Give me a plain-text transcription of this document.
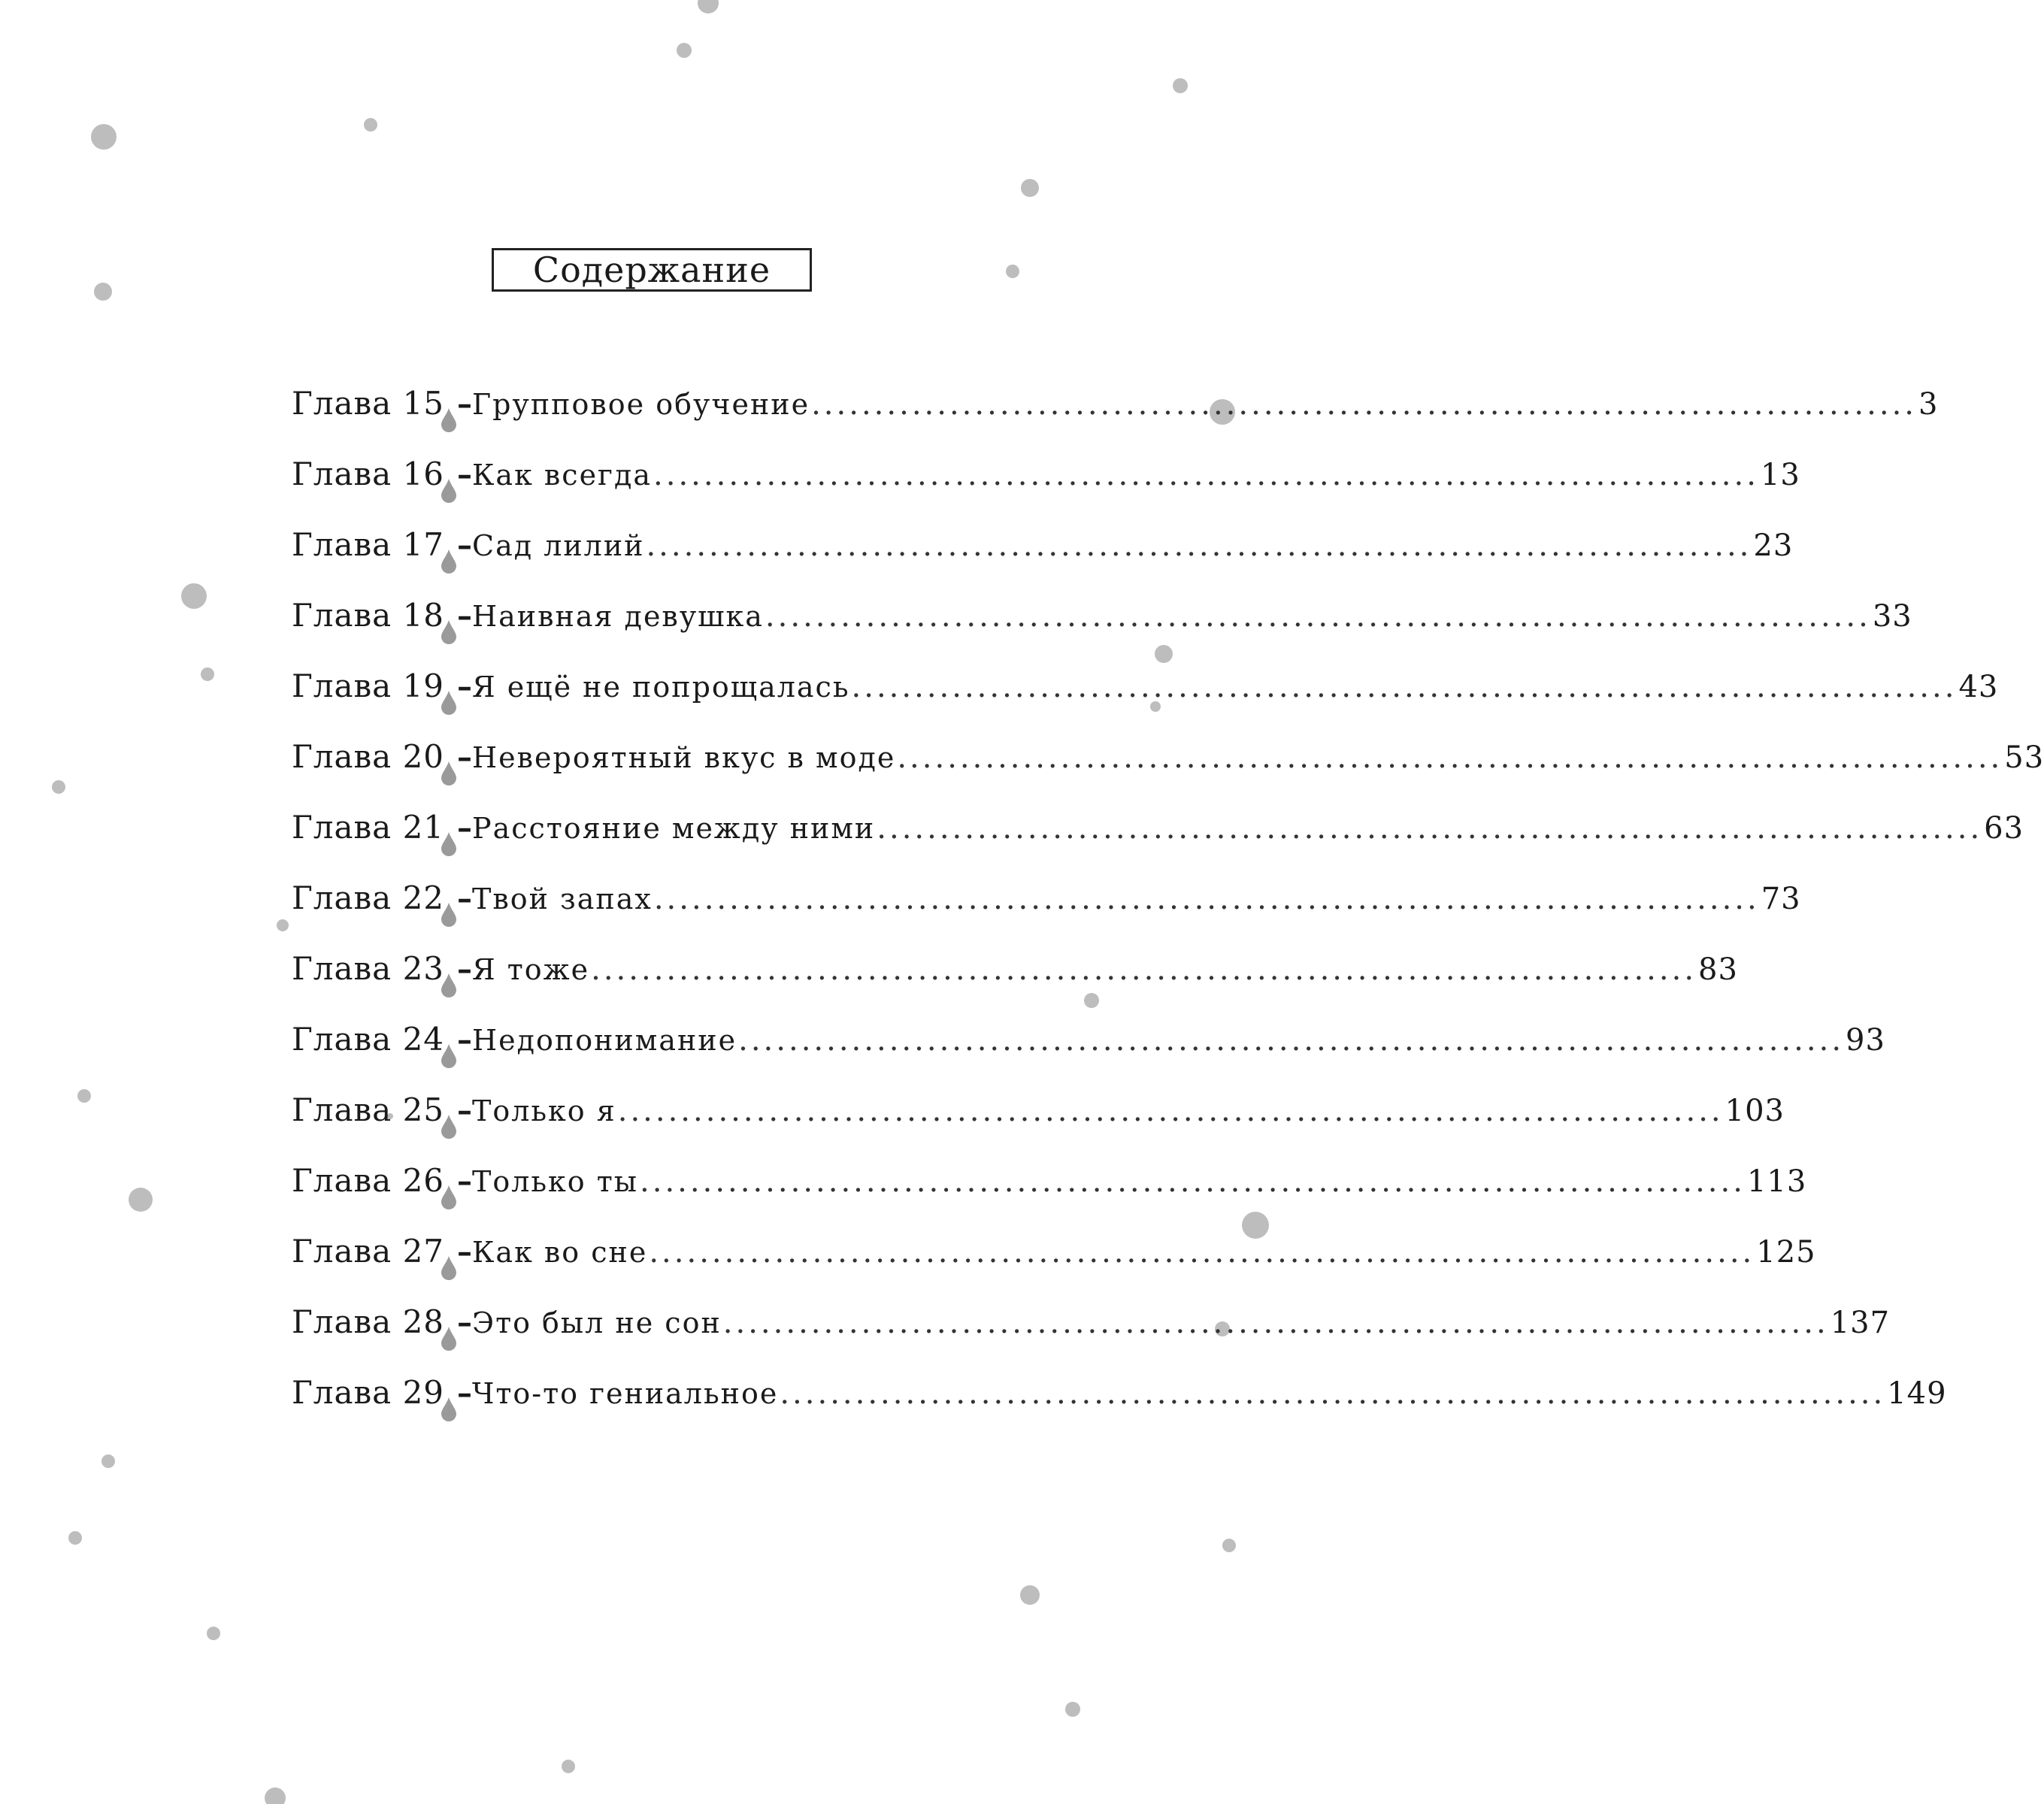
Содержание
Глава 15 – Групповое обучение ........................................................................................ 3
Глава 16 – Как всегда ........................................................................................ 13
Глава 17 – Сад лилий ........................................................................................ 23
Глава 18 – Наивная девушка ........................................................................................ 33
Глава 19 – Я ещё не попрощалась ........................................................................................ 43
Глава 20 – Невероятный вкус в моде ........................................................................................ 53
Глава 21 – Расстояние между ними ........................................................................................ 63
Глава 22 – Твой запах ........................................................................................ 73
Глава 23 – Я тоже ........................................................................................ 83
Глава 24 – Недопонимание ........................................................................................ 93
Глава 25 – Только я ........................................................................................ 103
Глава 26 – Только ты ........................................................................................ 113
Глава 27 – Как во сне ........................................................................................ 125
Глава 28 – Это был не сон ........................................................................................ 137
Глава 29 – Что-то гениальное ........................................................................................ 149
